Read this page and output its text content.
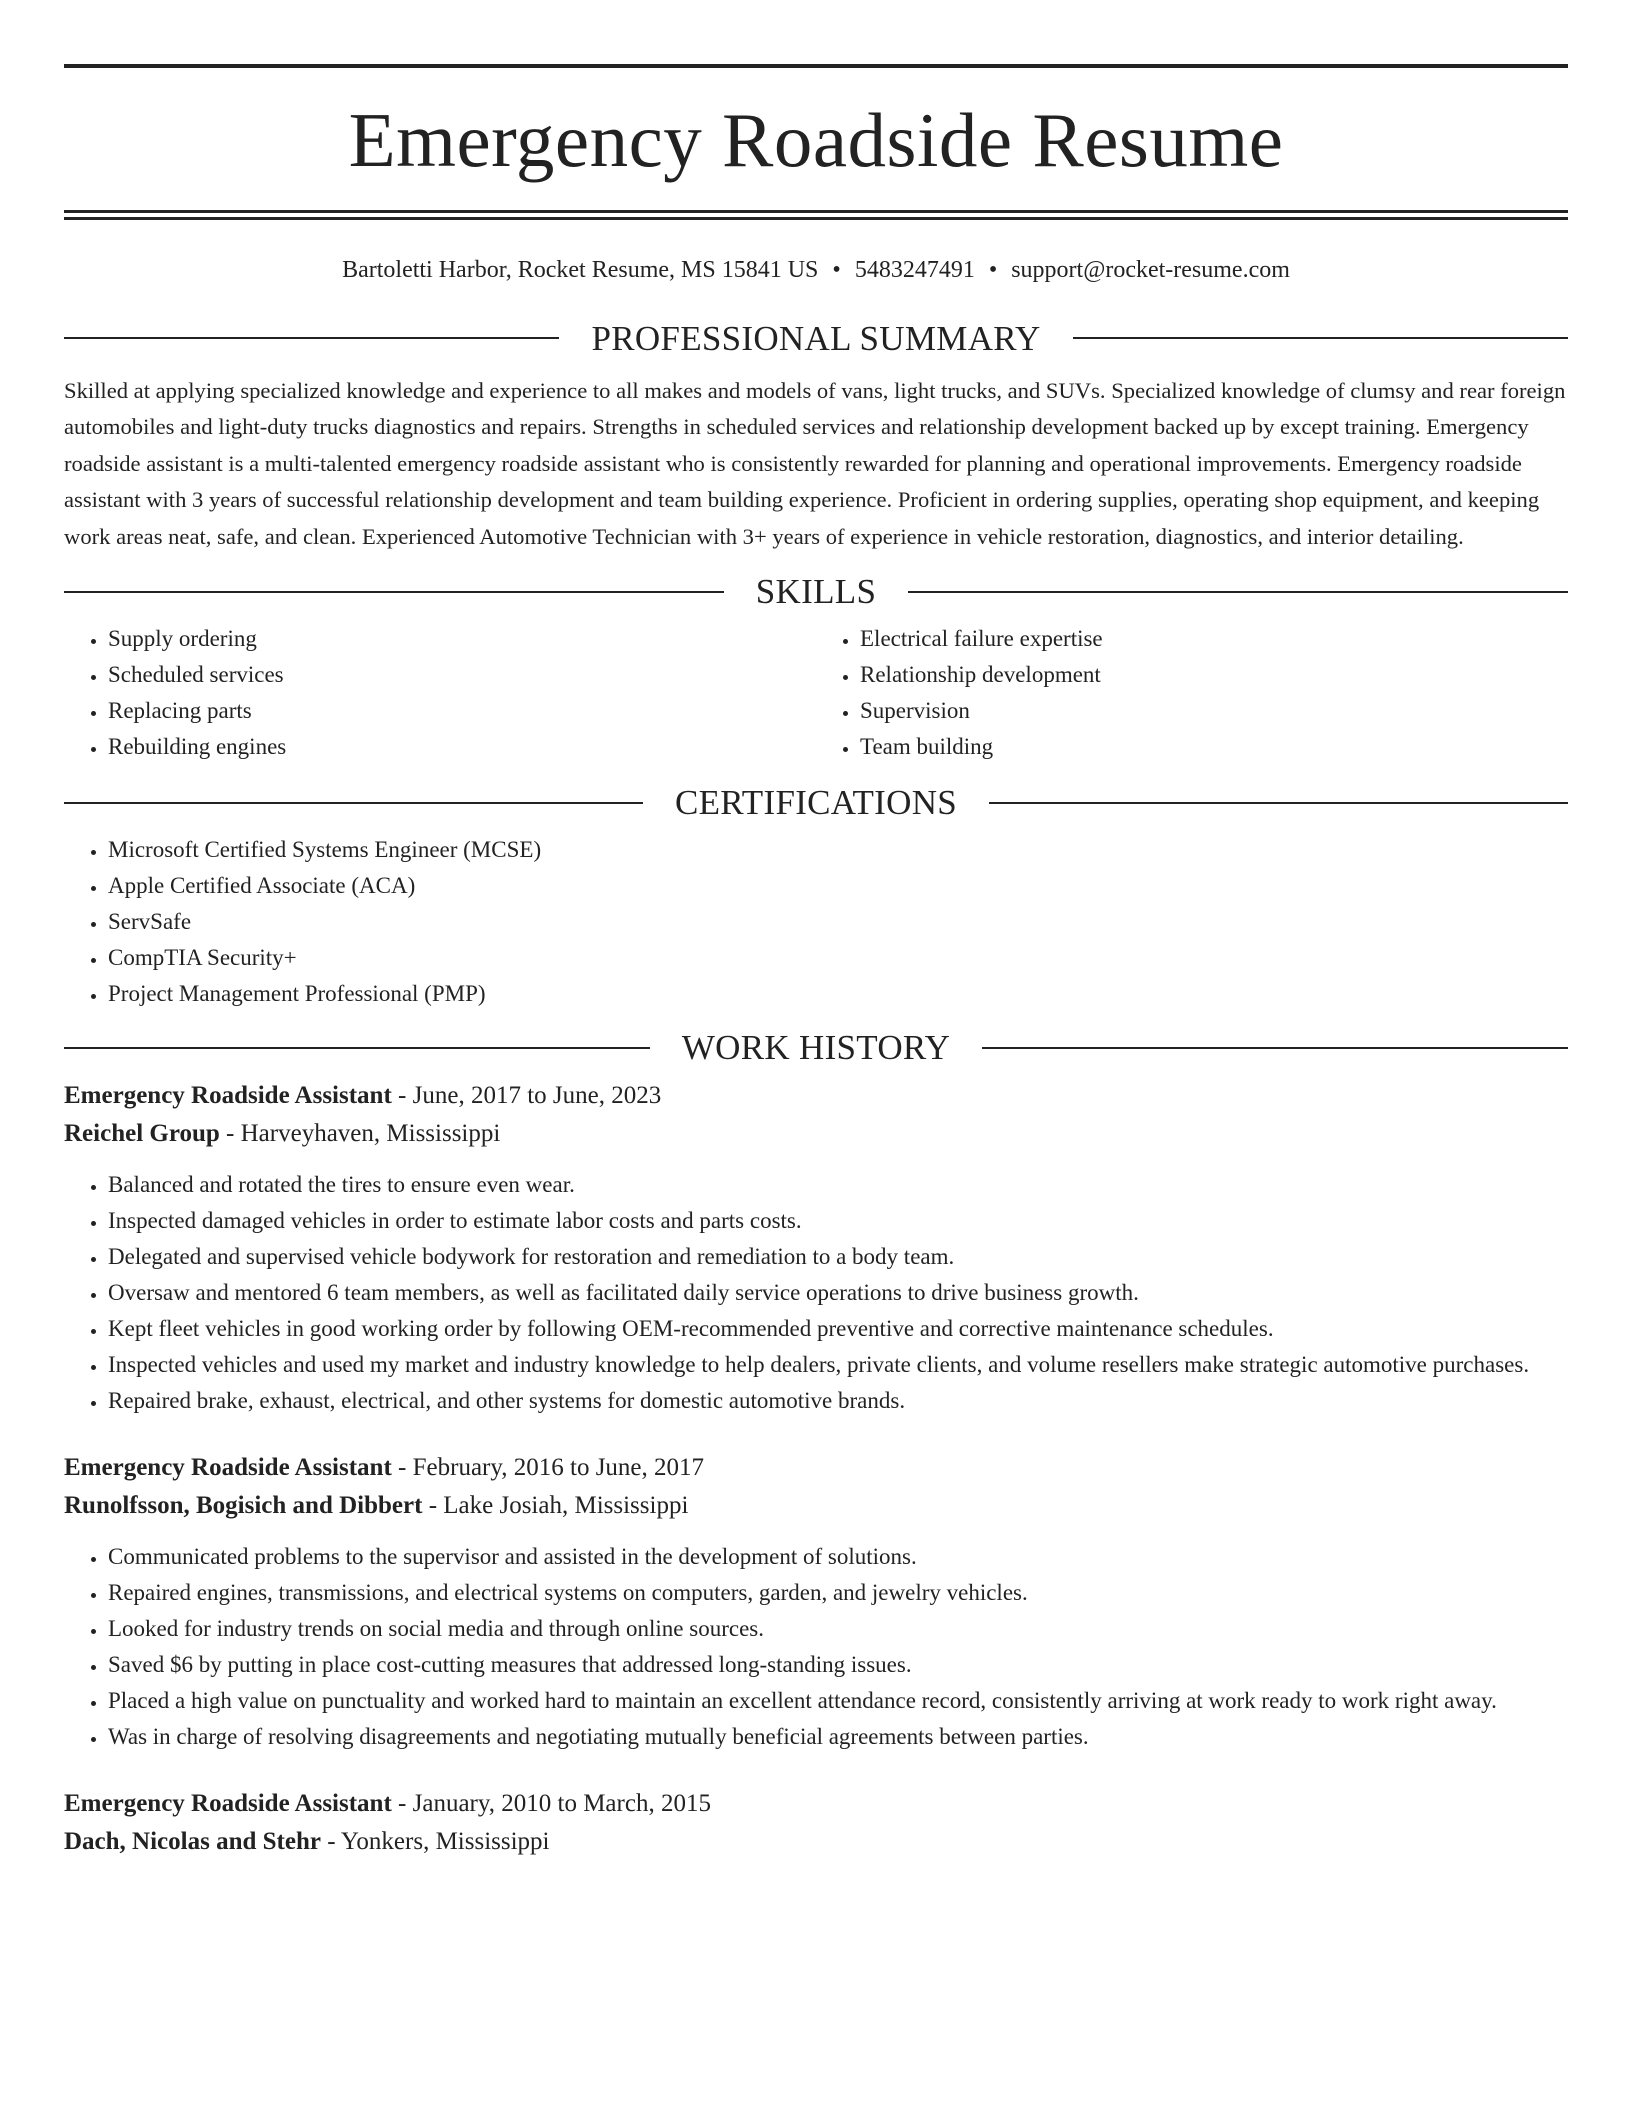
Emergency Roadside Resume
Bartoletti Harbor, Rocket Resume, MS 15841 US • 5483247491 • support@rocket-resume.com
PROFESSIONAL SUMMARY

Skilled at applying specialized knowledge and experience to all makes and models of vans, light trucks, and SUVs. Specialized knowledge of clumsy and rear foreign automobiles and light-duty trucks diagnostics and repairs. Strengths in scheduled services and relationship development backed up by except training. Emergency roadside assistant is a multi-talented emergency roadside assistant who is consistently rewarded for planning and operational improvements. Emergency roadside assistant with 3 years of successful relationship development and team building experience. Proficient in ordering supplies, operating shop equipment, and keeping work areas neat, safe, and clean. Experienced Automotive Technician with 3+ years of experience in vehicle restoration, diagnostics, and interior detailing.

SKILLS
• Supply ordering
• Scheduled services
• Replacing parts
• Rebuilding engines
• Electrical failure expertise
• Relationship development
• Supervision
• Team building
CERTIFICATIONS
• Microsoft Certified Systems Engineer (MCSE)
• Apple Certified Associate (ACA)
• ServSafe
• CompTIA Security+
• Project Management Professional (PMP)
WORK HISTORY
Emergency Roadside Assistant - June, 2017 to June, 2023
Reichel Group - Harveyhaven, Mississippi
• Balanced and rotated the tires to ensure even wear.
• Inspected damaged vehicles in order to estimate labor costs and parts costs.
• Delegated and supervised vehicle bodywork for restoration and remediation to a body team.
• Oversaw and mentored 6 team members, as well as facilitated daily service operations to drive business growth.
• Kept fleet vehicles in good working order by following OEM-recommended preventive and corrective maintenance schedules.
• Inspected vehicles and used my market and industry knowledge to help dealers, private clients, and volume resellers make strategic automotive purchases.
• Repaired brake, exhaust, electrical, and other systems for domestic automotive brands.
Emergency Roadside Assistant - February, 2016 to June, 2017
Runolfsson, Bogisich and Dibbert - Lake Josiah, Mississippi
• Communicated problems to the supervisor and assisted in the development of solutions.
• Repaired engines, transmissions, and electrical systems on computers, garden, and jewelry vehicles.
• Looked for industry trends on social media and through online sources.
• Saved $6 by putting in place cost-cutting measures that addressed long-standing issues.
• Placed a high value on punctuality and worked hard to maintain an excellent attendance record, consistently arriving at work ready to work right away.
• Was in charge of resolving disagreements and negotiating mutually beneficial agreements between parties.
Emergency Roadside Assistant - January, 2010 to March, 2015
Dach, Nicolas and Stehr - Yonkers, Mississippi
